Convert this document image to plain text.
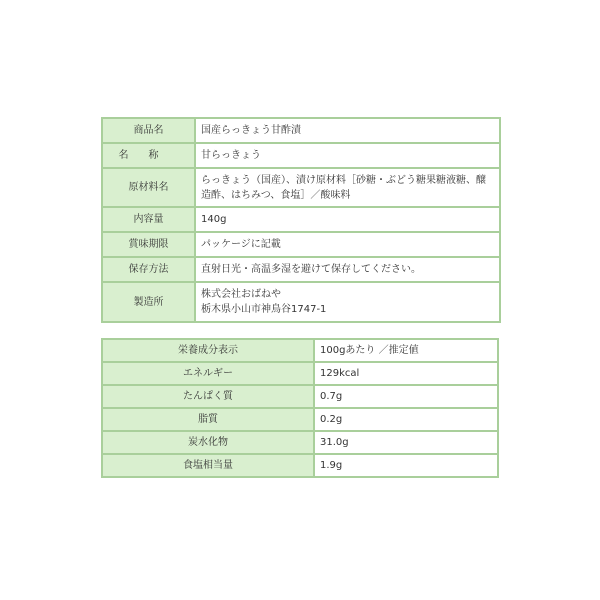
商品名	国産らっきょう甘酢漬
名称	甘らっきょう
原材料名	らっきょう（国産）、漬け原材料［砂糖・ぶどう糖果糖液糖、醸造酢、はちみつ、食塩］／酸味料
内容量	140g
賞味期限	パッケージに記載
保存方法	直射日光・高温多湿を避けて保存してください。
製造所	株式会社おばねや
栃木県小山市神鳥谷1747-1
栄養成分表示	100gあたり ／推定値
エネルギー	129kcal
たんぱく質	0.7g
脂質	0.2g
炭水化物	31.0g
食塩相当量	1.9g
